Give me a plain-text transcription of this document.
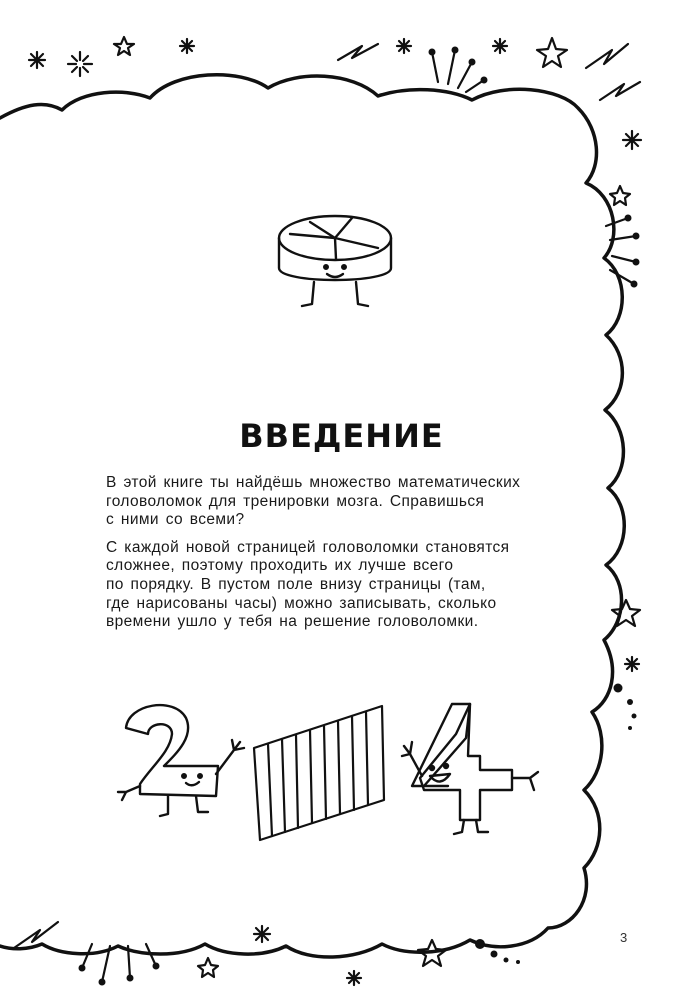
ВВЕДЕНИЕ
В этой книге ты найдёшь множество математических
головоломок для тренировки мозга. Справишься
с ними со всеми?
С каждой новой страницей головоломки становятся
сложнее, поэтому проходить их лучше всего
по порядку. В пустом поле внизу страницы (там,
где нарисованы часы) можно записывать, сколько
времени ушло у тебя на решение головоломки.
3
